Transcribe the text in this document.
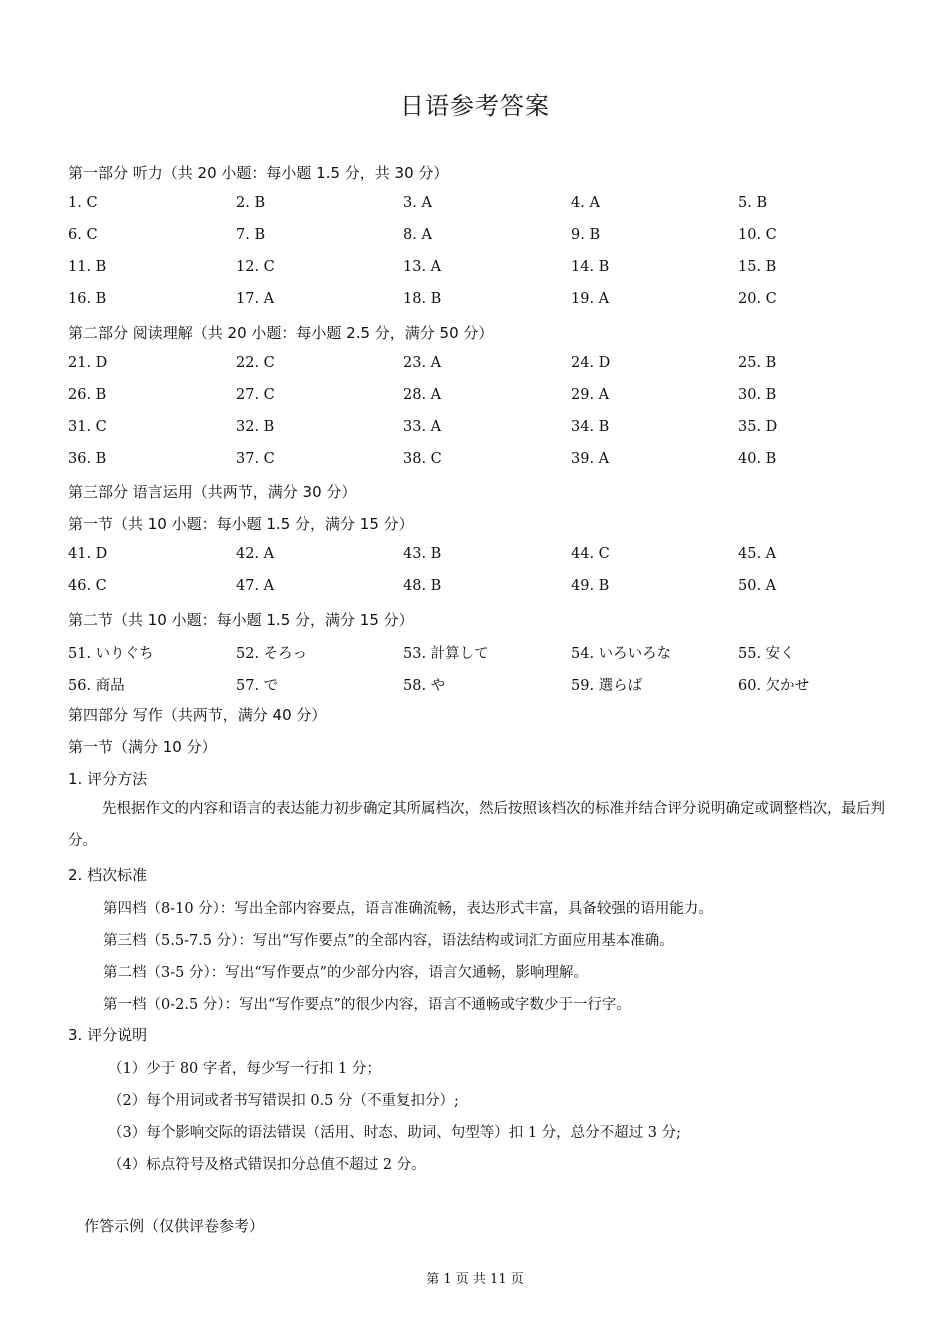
日语参考答案
第一部分 听力（共 20 小题：每小题 1.5 分，共 30 分）
1. C	2. B	3. A	4. A	5. B
6. C	7. B	8. A	9. B	10. C
11. B	12. C	13. A	14. B	15. B
16. B	17. A	18. B	19. A	20. C
第二部分 阅读理解（共 20 小题：每小题 2.5 分，满分 50 分）
21. D	22. C	23. A	24. D	25. B
26. B	27. C	28. A	29. A	30. B
31. C	32. B	33. A	34. B	35. D
36. B	37. C	38. C	39. A	40. B
第三部分 语言运用（共两节，满分 30 分）
第一节（共 10 小题：每小题 1.5 分，满分 15 分）
41. D	42. A	43. B	44. C	45. A
46. C	47. A	48. B	49. B	50. A
第二节（共 10 小题：每小题 1.5 分，满分 15 分）
51. いりぐち	52. そろっ	53. 計算して	54. いろいろな	55. 安く
56. 商品	57. で	58. や	59. 選らば	60. 欠かせ
第四部分 写作（共两节，满分 40 分）
第一节（满分 10 分）
1. 评分方法
先根据作文的内容和语言的表达能力初步确定其所属档次，然后按照该档次的标准并结合评分说明确定或调整档次，最后判分。
2. 档次标准
第四档（8-10 分）：写出全部内容要点，语言准确流畅，表达形式丰富，具备较强的语用能力。
第三档（5.5-7.5 分）：写出“写作要点”的全部内容，语法结构或词汇方面应用基本准确。
第二档（3-5 分）：写出“写作要点”的少部分内容，语言欠通畅，影响理解。
第一档（0-2.5 分）：写出“写作要点”的很少内容，语言不通畅或字数少于一行字。
3. 评分说明
（1）少于 80 字者，每少写一行扣 1 分；
（2）每个用词或者书写错误扣 0.5 分（不重复扣分）;
（3）每个影响交际的语法错误（活用、时态、助词、句型等）扣 1 分，总分不超过 3 分;
（4）标点符号及格式错误扣分总值不超过 2 分。
作答示例（仅供评卷参考）
第 1 页 共 11 页
